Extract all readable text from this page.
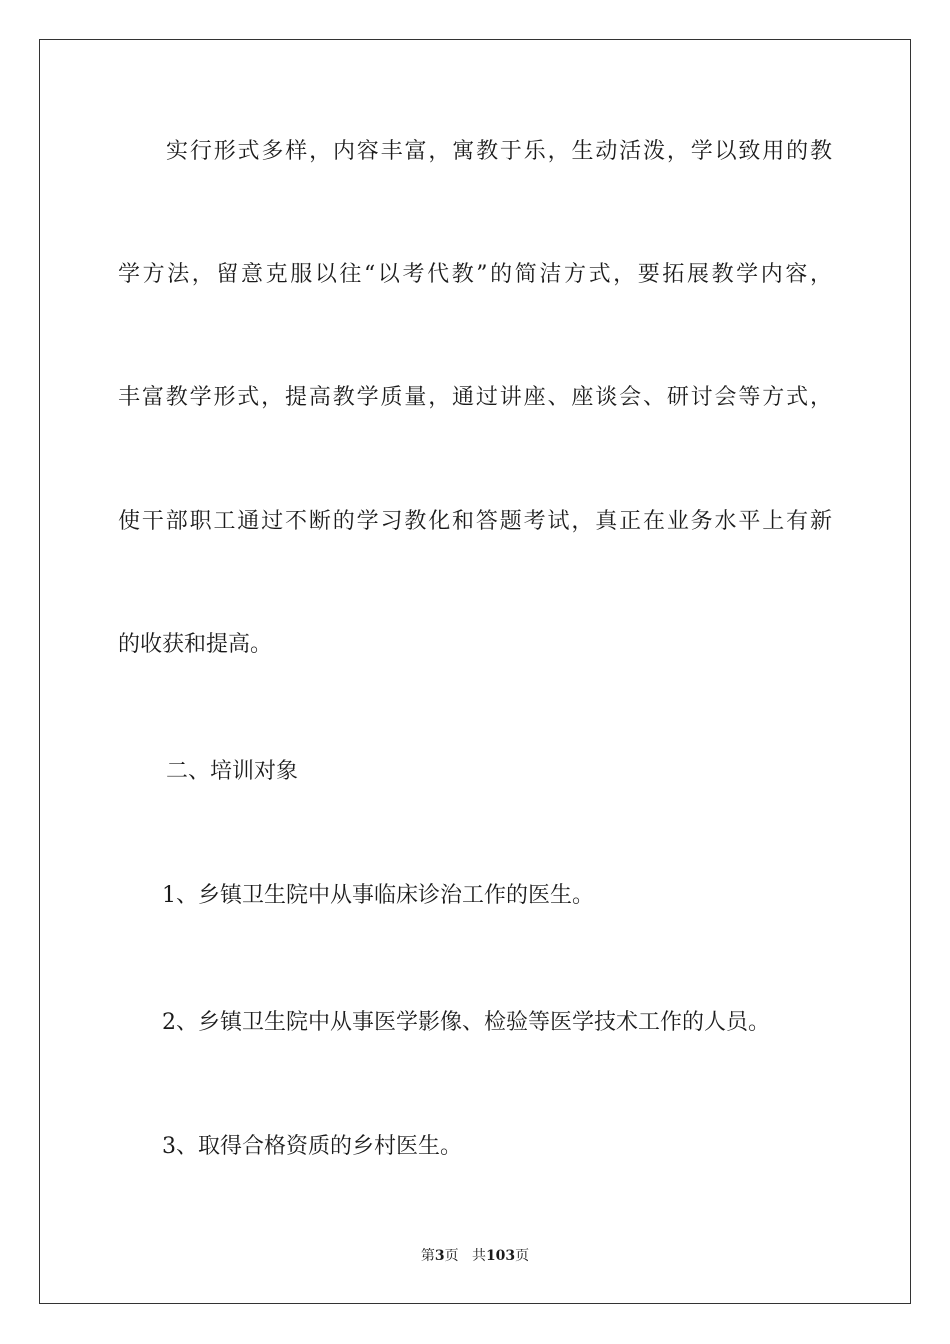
实行形式多样，内容丰富，寓教于乐，生动活泼，学以致用的教
学方法，留意克服以往“以考代教”的简洁方式，要拓展教学内容，
丰富教学形式，提高教学质量，通过讲座、座谈会、研讨会等方式，
使干部职工通过不断的学习教化和答题考试，真正在业务水平上有新
的收获和提高。
二、培训对象
1、乡镇卫生院中从事临床诊治工作的医生。
2、乡镇卫生院中从事医学影像、检验等医学技术工作的人员。
3、取得合格资质的乡村医生。
第3页 共103页
